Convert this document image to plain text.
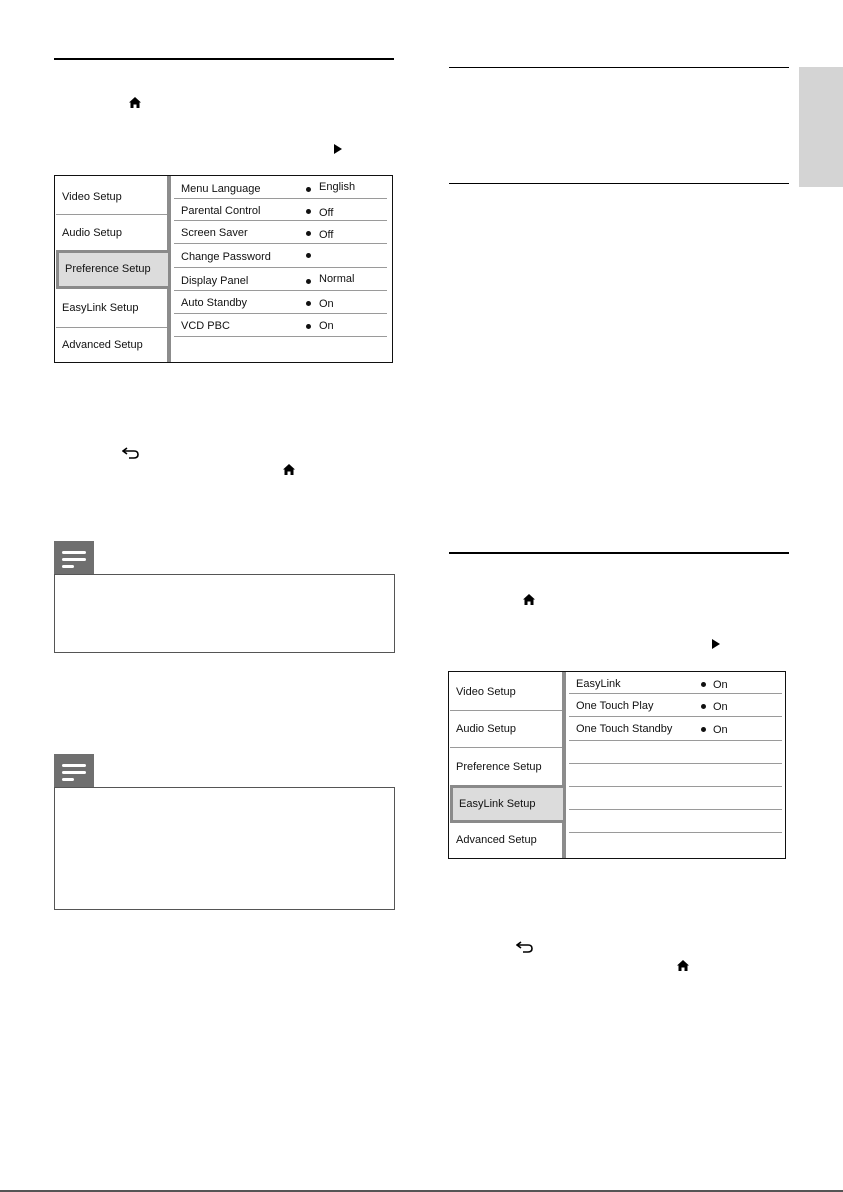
Video Setup
Audio Setup
Preference Setup
EasyLink Setup
Advanced Setup
Menu Language	English
Parental Control	Off
Screen Saver	Off
Change Password
Display Panel	Normal
Auto Standby	On
VCD PBC	On
Video Setup
Audio Setup
Preference Setup
EasyLink Setup
Advanced Setup
EasyLink	On
One Touch Play	On
One Touch Standby	On
